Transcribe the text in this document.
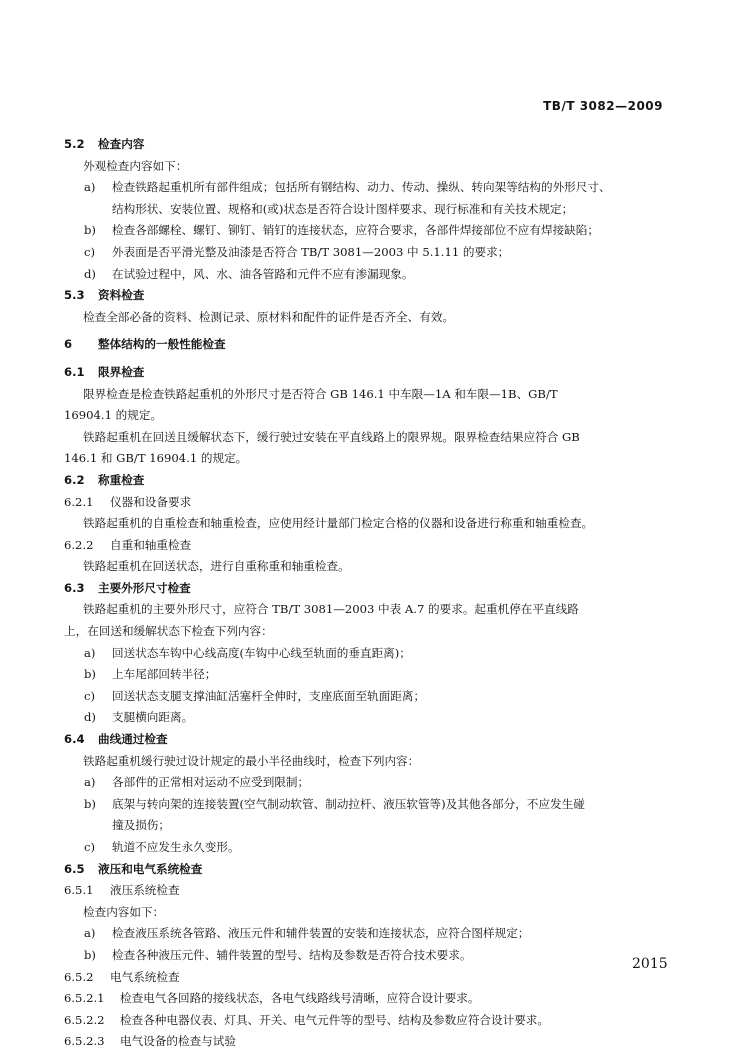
TB/T 3082—2009
5.2 检查内容
外观检查内容如下：
a) 检查铁路起重机所有部件组成；包括所有钢结构、动力、传动、操纵、转向架等结构的外形尺寸、
结构形状、安装位置、规格和(或)状态是否符合设计图样要求、现行标准和有关技术规定；
b) 检查各部螺栓、螺钉、铆钉、销钉的连接状态，应符合要求，各部件焊接部位不应有焊接缺陷；
c) 外表面是否平滑光整及油漆是否符合 TB/T 3081—2003 中 5.1.11 的要求；
d) 在试验过程中，风、水、油各管路和元件不应有渗漏现象。
5.3 资料检查
检查全部必备的资料、检测记录、原材料和配件的证件是否齐全、有效。
6 整体结构的一般性能检查
6.1 限界检查
限界检查是检查铁路起重机的外形尺寸是否符合 GB 146.1 中车限—1A 和车限—1B、GB/T
16904.1 的规定。
铁路起重机在回送且缓解状态下，缓行驶过安装在平直线路上的限界规。限界检查结果应符合 GB
146.1 和 GB/T 16904.1 的规定。
6.2 称重检查
6.2.1 仪器和设备要求
铁路起重机的自重检查和轴重检查，应使用经计量部门检定合格的仪器和设备进行称重和轴重检查。
6.2.2 自重和轴重检查
铁路起重机在回送状态，进行自重称重和轴重检查。
6.3 主要外形尺寸检查
铁路起重机的主要外形尺寸，应符合 TB/T 3081—2003 中表 A.7 的要求。起重机停在平直线路
上，在回送和缓解状态下检查下列内容：
a) 回送状态车钩中心线高度(车钩中心线至轨面的垂直距离)；
b) 上车尾部回转半径；
c) 回送状态支腿支撑油缸活塞杆全伸时，支座底面至轨面距离；
d) 支腿横向距离。
6.4 曲线通过检查
铁路起重机缓行驶过设计规定的最小半径曲线时，检查下列内容：
a) 各部件的正常相对运动不应受到限制；
b) 底架与转向架的连接装置(空气制动软管、制动拉杆、液压软管等)及其他各部分，不应发生碰
撞及损伤；
c) 轨道不应发生永久变形。
6.5 液压和电气系统检查
6.5.1 液压系统检查
检查内容如下：
a) 检查液压系统各管路、液压元件和辅件装置的安装和连接状态，应符合图样规定；
b) 检查各种液压元件、辅件装置的型号、结构及参数是否符合技术要求。
6.5.2 电气系统检查
6.5.2.1 检查电气各回路的接线状态，各电气线路线号清晰，应符合设计要求。
6.5.2.2 检查各种电器仪表、灯具、开关、电气元件等的型号、结构及参数应符合设计要求。
6.5.2.3 电气设备的检查与试验
2015
